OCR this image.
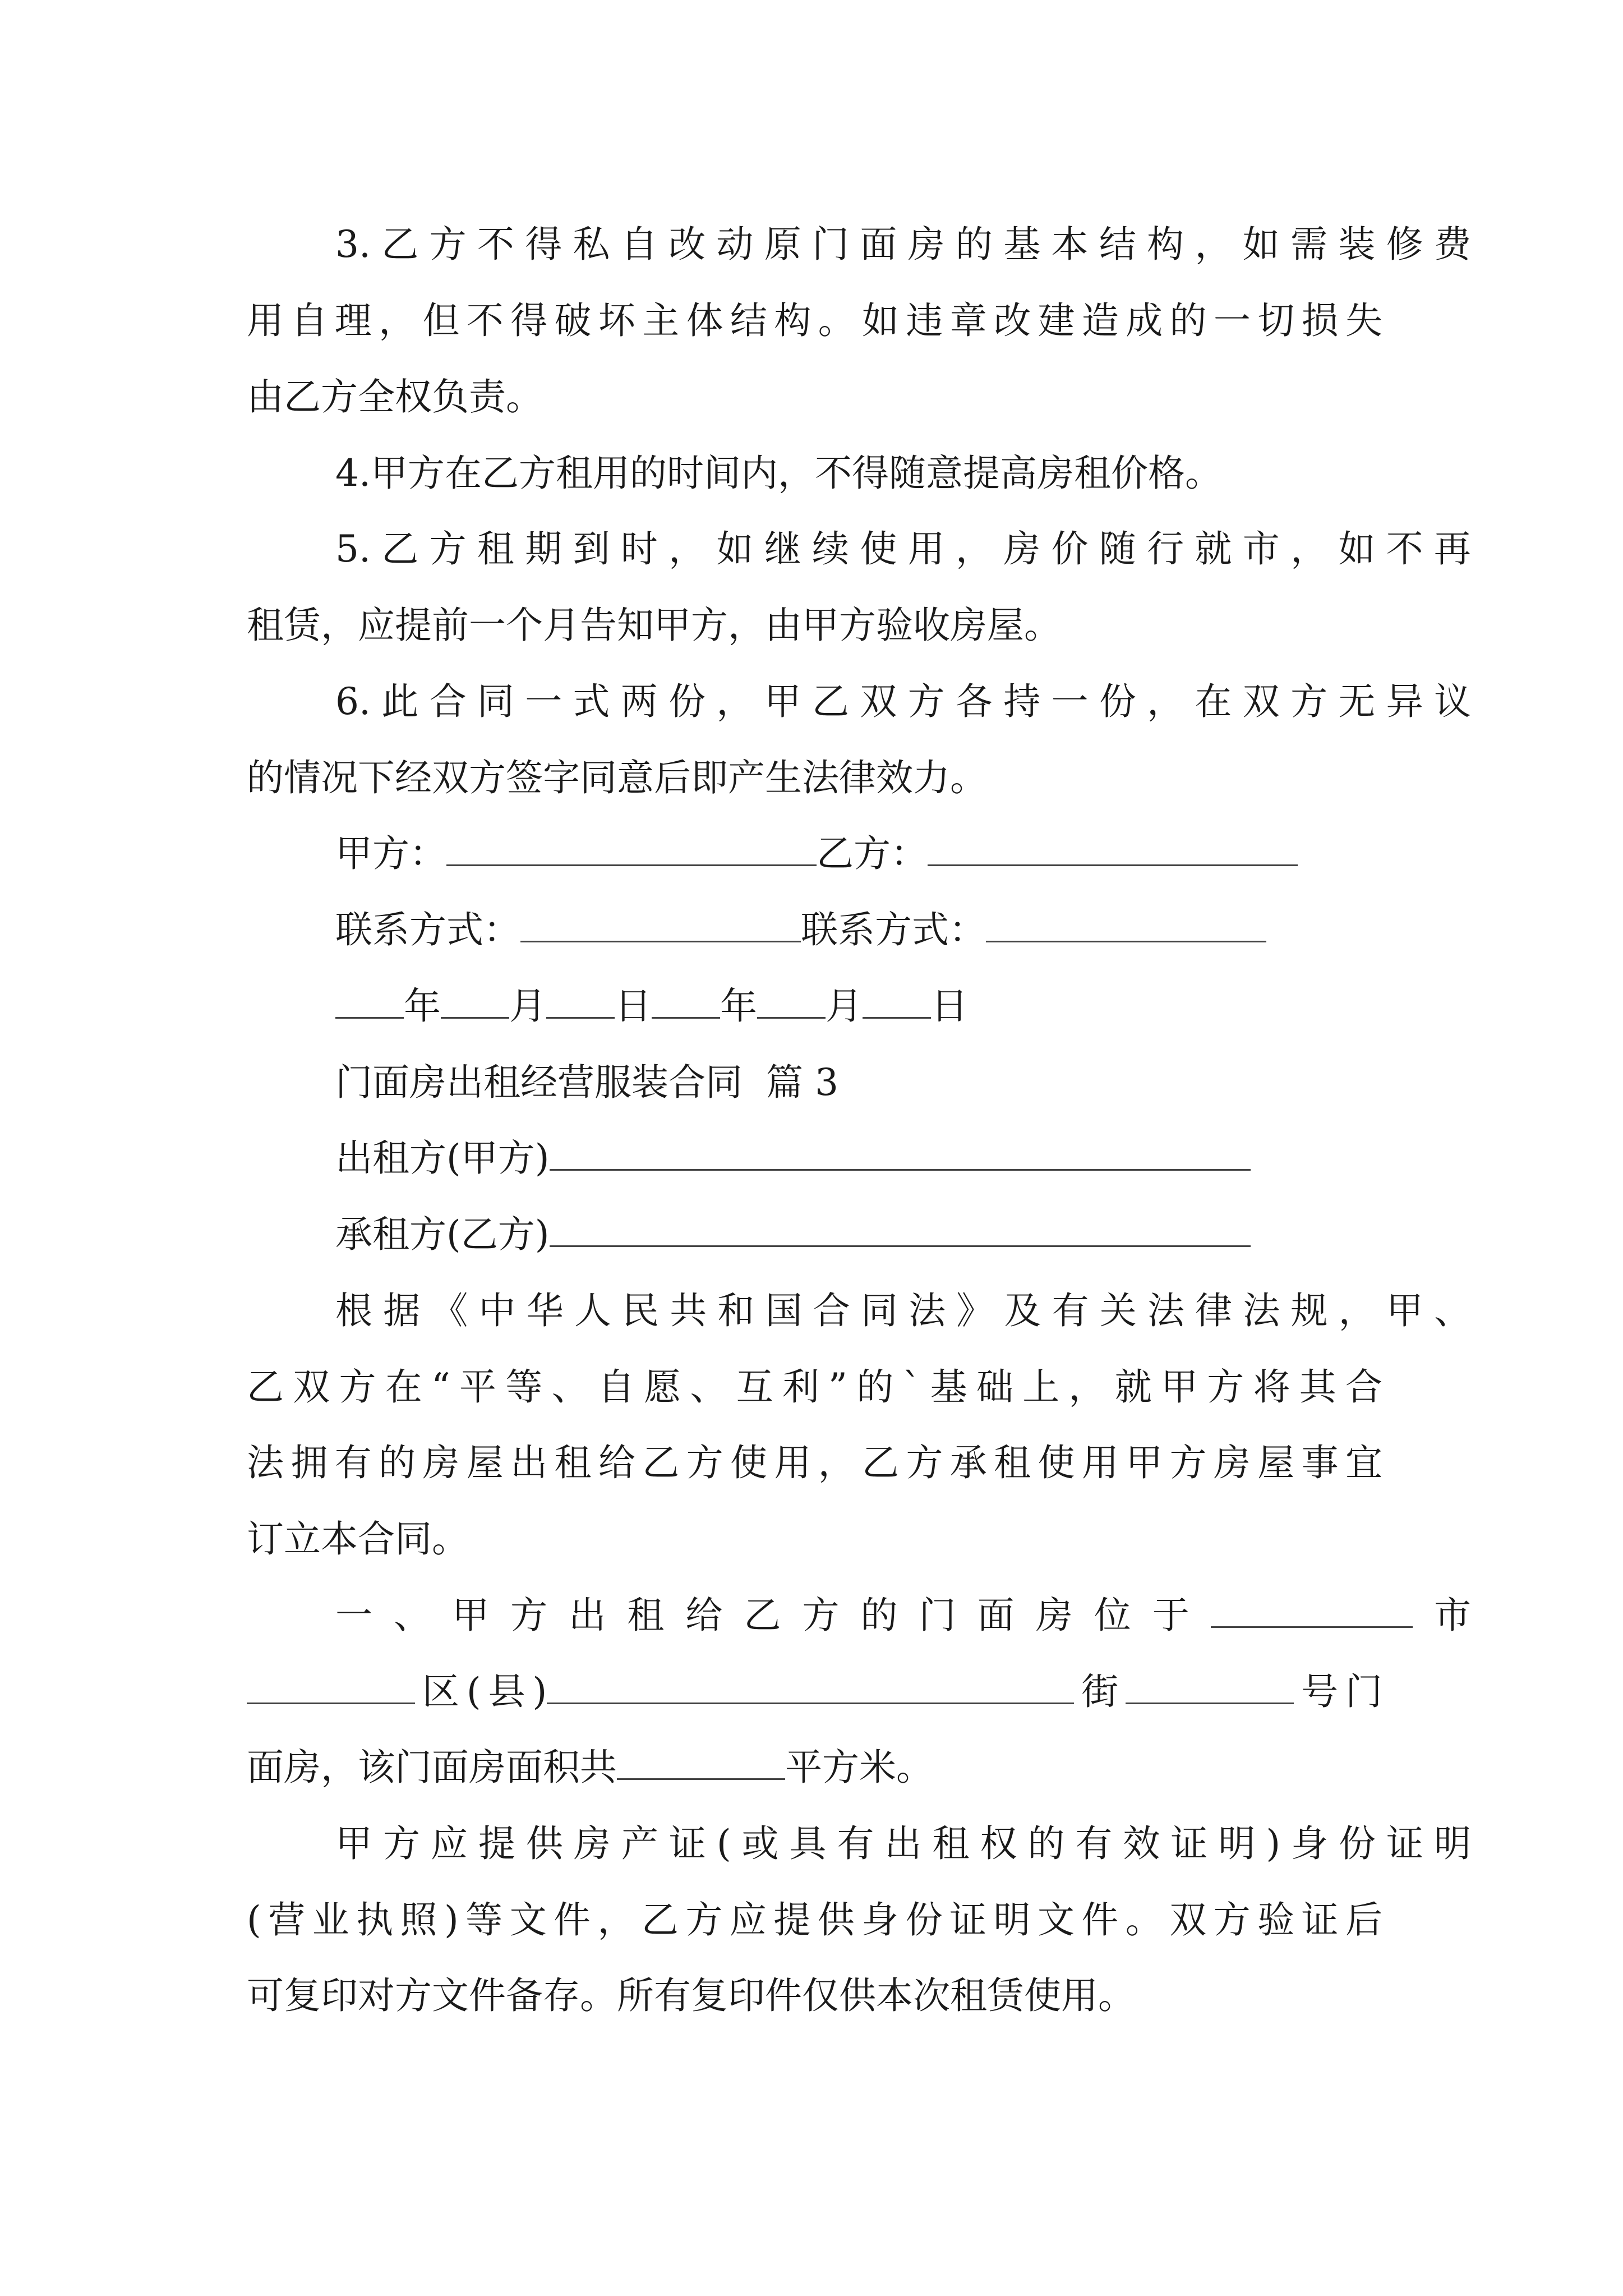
3.乙方不得私自改动原门面房的基本结构，如需装修费
用自理，但不得破坏主体结构。如违章改建造成的一切损失
由乙方全权负责。
4.甲方在乙方租用的时间内，不得随意提高房租价格。
5.乙方租期到时，如继续使用，房价随行就市，如不再
租赁，应提前一个月告知甲方，由甲方验收房屋。
6.此合同一式两份，甲乙双方各持一份，在双方无异议
的情况下经双方签字同意后即产生法律效力。
甲方：	乙方：
联系方式：	联系方式：
年 月 日 年 月 日
门面房出租经营服装合同  篇 3
出租方(甲方)
承租方(乙方)
根据《中华人民共和国合同法》及有关法律法规，甲、
乙双方在“平等、自愿、互利”的`基础上，就甲方将其合
法拥有的房屋出租给乙方使用，乙方承租使用甲方房屋事宜
订立本合同。
一、甲方出租给乙方的门面房位于	市
区(县)	街	号门
面房，该门面房面积共	平方米。
甲方应提供房产证(或具有出租权的有效证明)身份证明
(营业执照)等文件，乙方应提供身份证明文件。双方验证后
可复印对方文件备存。所有复印件仅供本次租赁使用。
